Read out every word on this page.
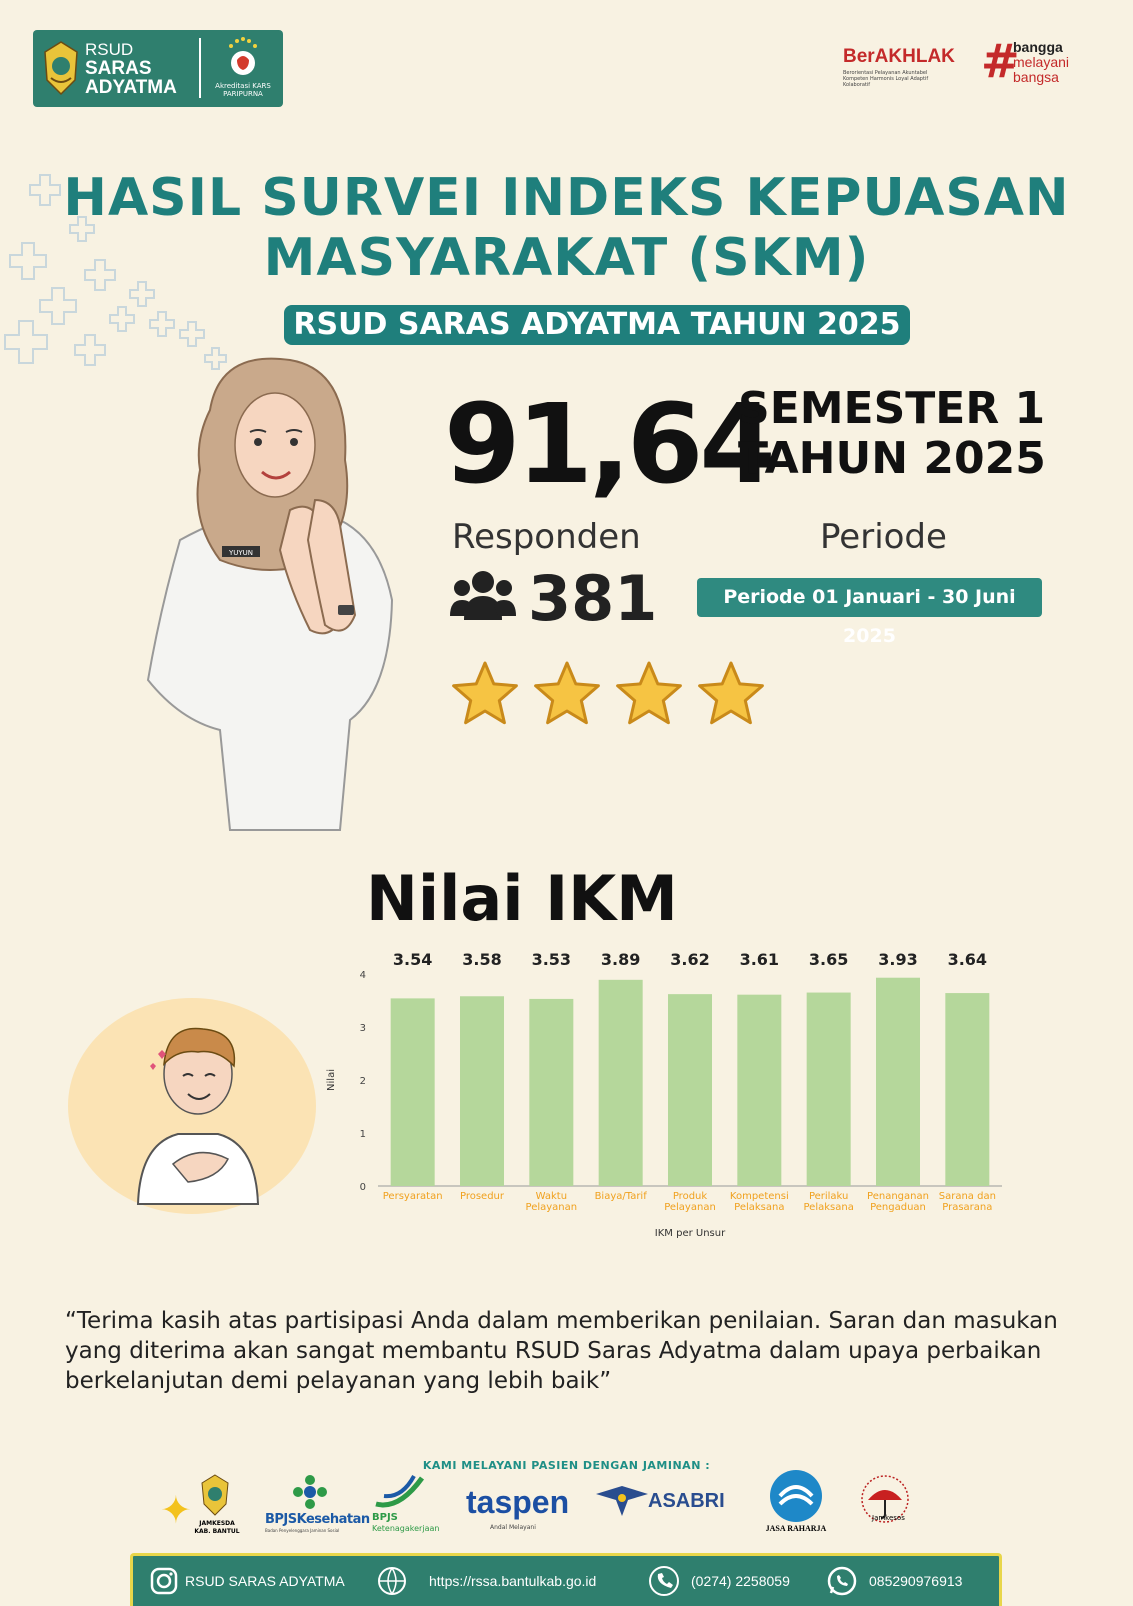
RSUD
SARAS
ADYATMA	Akreditasi KARS PARIPURNA
BerAKHLAK
Berorientasi Pelayanan Akuntabel Kompeten Harmonis Loyal Adaptif Kolaboratif	#
bangga
melayani
bangsa
HASIL SURVEI INDEKS KEPUASAN
MASYARAKAT (SKM)
RSUD SARAS ADYATMA TAHUN 2025
YUYUN
91,64
SEMESTER 1
TAHUN 2025
Responden
381
Periode
Periode 01 Januari - 30 Juni 2025
Nilai IKM
0
1
2
3
4
Nilai
3.54
Persyaratan
3.58
Prosedur
3.53
Waktu
Pelayanan
3.89
Biaya/Tarif
3.62
Produk
Pelayanan
3.61
Kompetensi
Pelaksana
3.65
Perilaku
Pelaksana
3.93
Penanganan
Pengaduan
3.64
Sarana dan
Prasarana
IKM per Unsur
“Terima kasih atas partisipasi Anda dalam memberikan penilaian. Saran dan masukan yang diterima akan sangat membantu RSUD Saras Adyatma dalam upaya perbaikan berkelanjutan demi pelayanan yang lebih baik”
KAMI MELAYANI PASIEN DENGAN JAMINAN :
✦	JAMKESDA
KAB. BANTUL
BPJSKesehatan
Badan Penyelenggara Jaminan Sosial
BPJS
Ketenagakerjaan
taspen
Andal Melayani
ASABRI
JASA RAHARJA
Jamkesos
RSUD SARAS ADYATMA	https://rssa.bantulkab.go.id	(0274) 2258059	085290976913
